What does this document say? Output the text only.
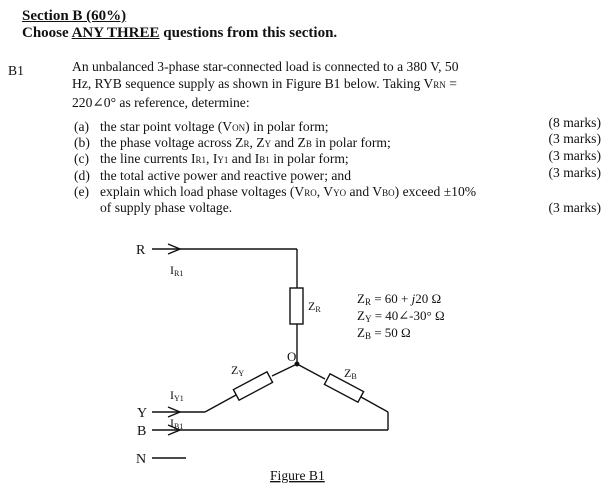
Section B (60%)
Choose ANY THREE questions from this section.
B1	An unbalanced 3-phase star-connected load is connected to a 380 V, 50
Hz, RYB sequence supply as shown in Figure B1 below. Taking VRN =
220∠0° as reference, determine:
(a) the star point voltage (VON) in polar form;
(b) the phase voltage across ZR, ZY and ZB in polar form;
(c) the line currents IR1, IY1 and IB1 in polar form;
(d) the total active power and reactive power; and
(e) explain which load phase voltages (VRO, VYO and VBO) exceed ±10%
of supply phase voltage.
(8 marks)
(3 marks)
(3 marks)
(3 marks)
(3 marks)
R
Y
B
N
IR1
IY1
IB1
ZR
ZY	ZB
O
ZR = 60 + j20 Ω
ZY = 40∠-30° Ω
ZB = 50 Ω
Figure B1
